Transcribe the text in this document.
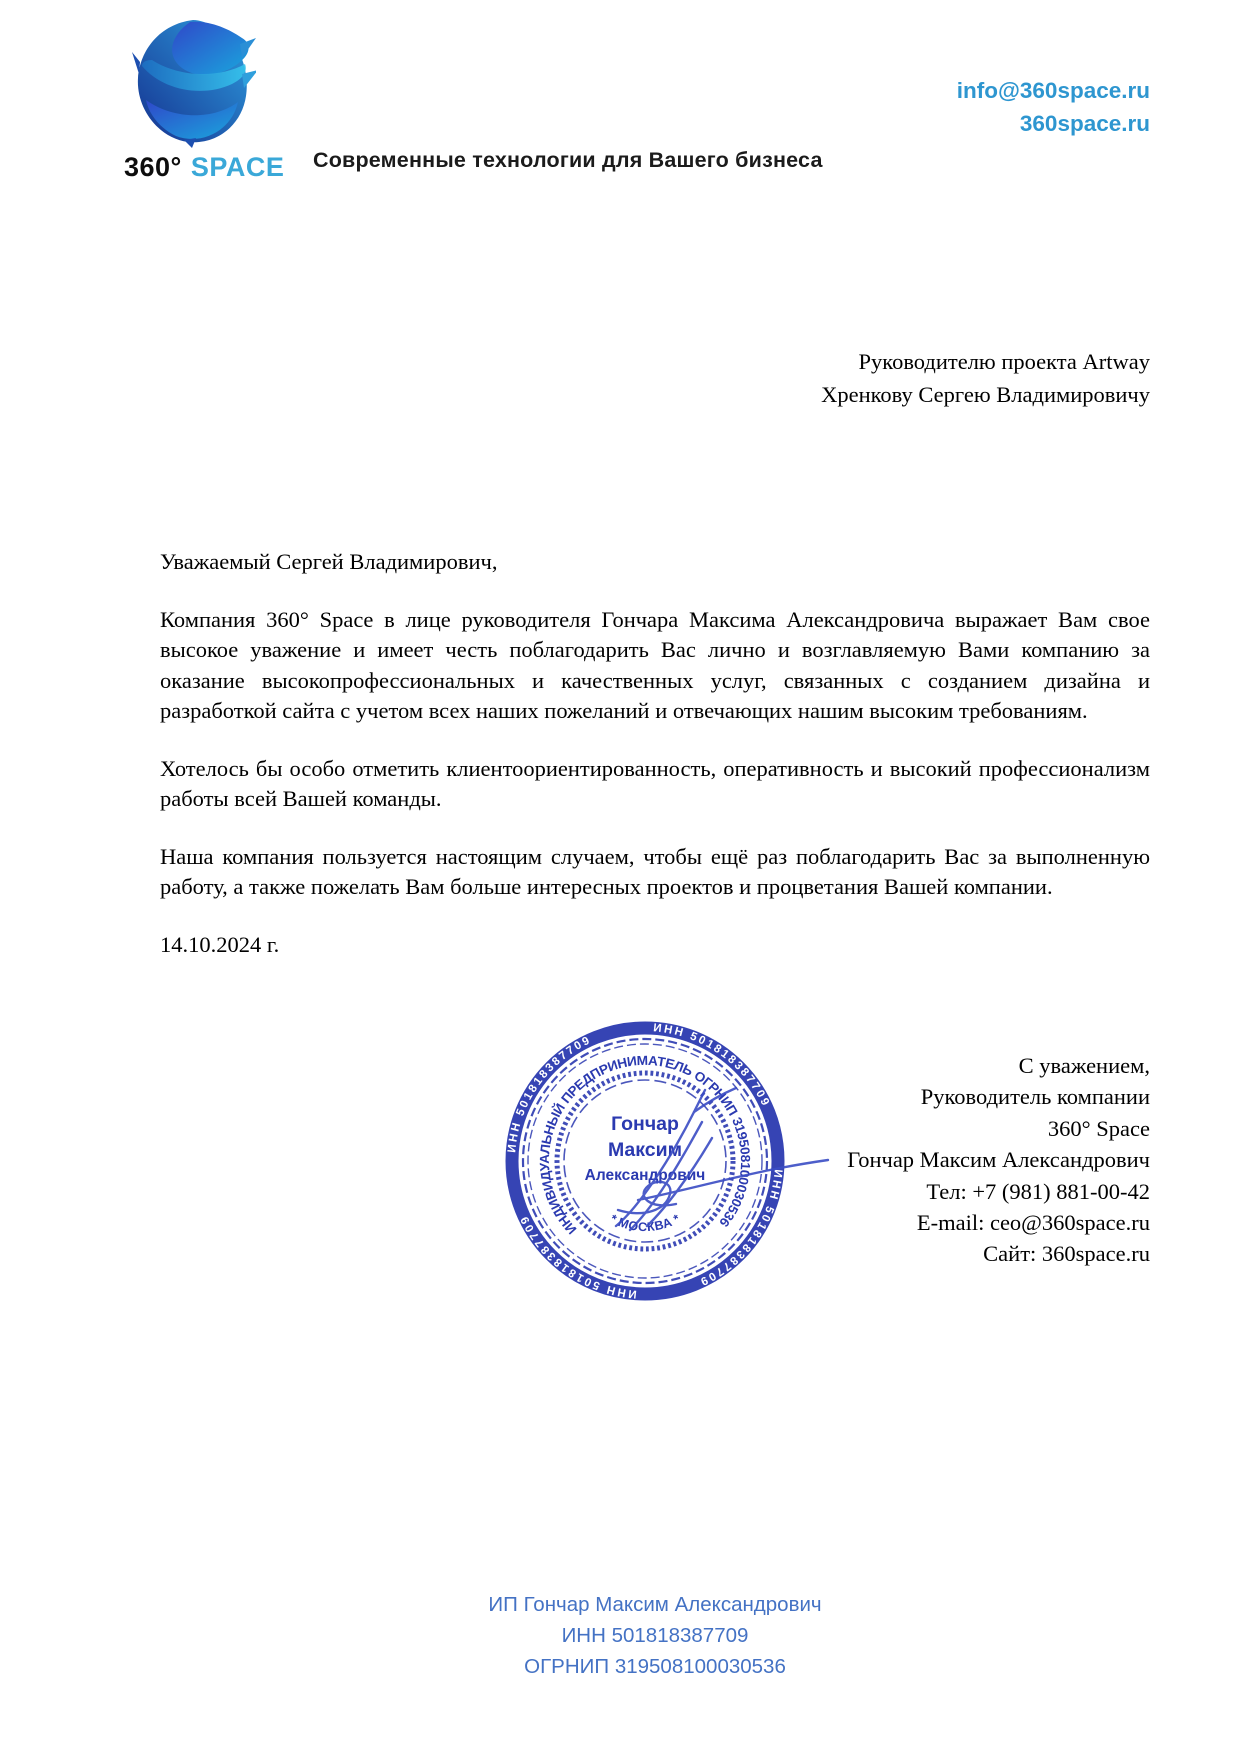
360° SPACE Современные технологии для Вашего бизнеса
info@360space.ru
360space.ru
Руководителю проекта Artway
Хренкову Сергею Владимировичу

Уважаемый Сергей Владимирович,

Компания 360° Space в лице руководителя Гончара Максима Александровича выражает Вам свое высокое уважение и имеет честь поблагодарить Вас лично и возглавляемую Вами компанию за оказание высокопрофессиональных и качественных услуг, связанных с созданием дизайна и разработкой сайта с учетом всех наших пожеланий и отвечающих нашим высоким требованиям.

Хотелось бы особо отметить клиентоориентированность, оперативность и высокий профессионализм работы всей Вашей команды.

Наша компания пользуется настоящим случаем, чтобы ещё раз поблагодарить Вас за выполненную работу, а также пожелать Вам больше интересных проектов и процветания Вашей компании.

14.10.2024 г.

С уважением,
Руководитель компании
360° Space
Гончар Максим Александрович
Тел: +7 (981) 881-00-42
E-mail: ceo@360space.ru
Сайт: 360space.ru
ИНН 501818387709
ИНН 501818387709
ИНН 501818387709
ИНН 501818387709
ИНДИВИДУАЛЬНЫЙ ПРЕДПРИНИМАТЕЛЬ ОГРНИП 319508100030536
* МОСКВА *
Гончар
Максим
Александрович
ИП Гончар Максим Александрович
ИНН 501818387709
ОГРНИП 319508100030536
